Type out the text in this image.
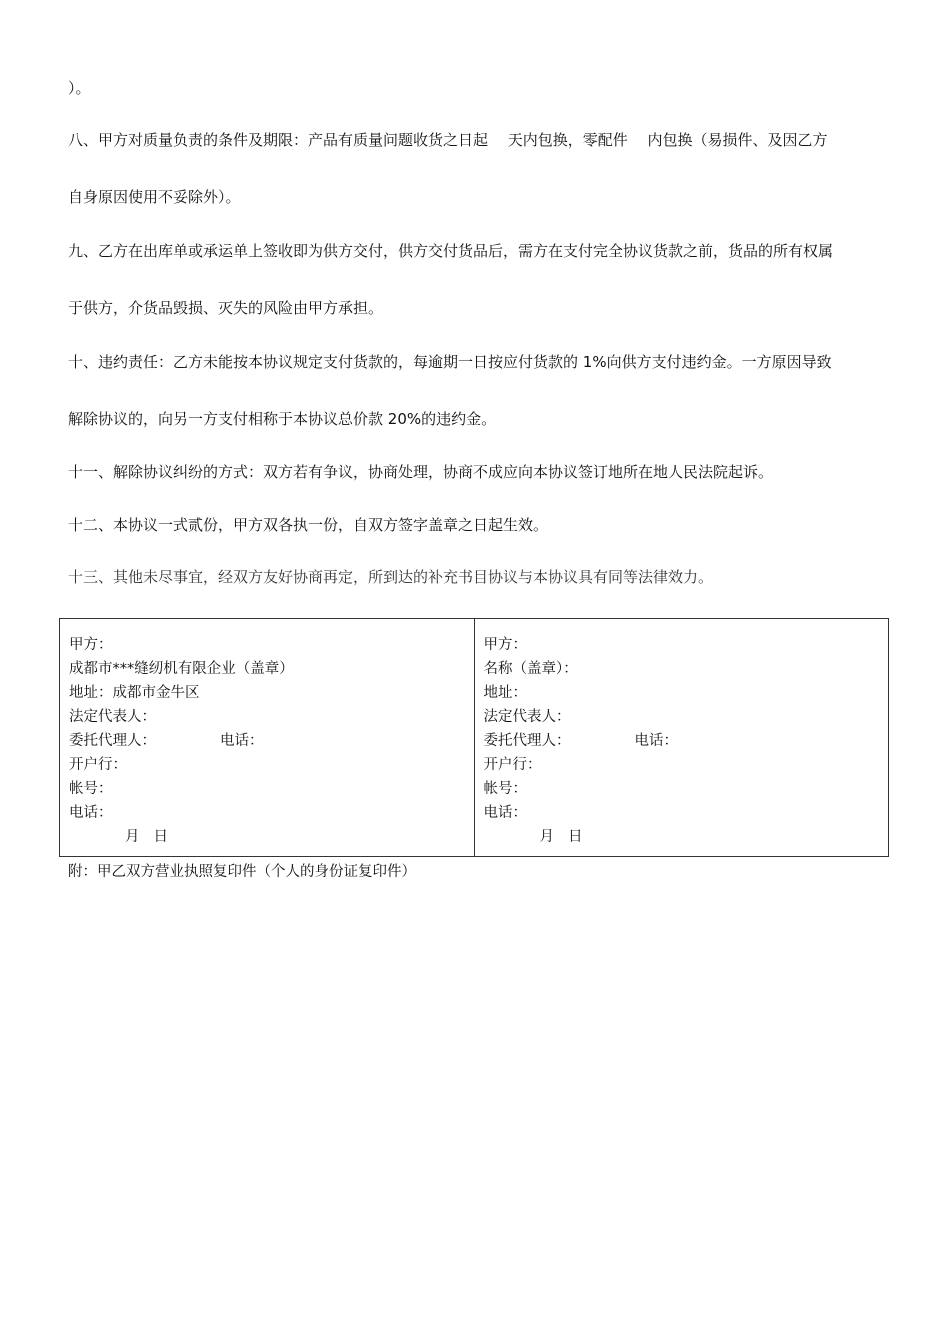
）。
八、甲方对质量负责的条件及期限：产品有质量问题收货之日起　 天内包换，零配件　 内包换（易损件、及因乙方
自身原因使用不妥除外）。
九、乙方在出库单或承运单上签收即为供方交付，供方交付货品后，需方在支付完全协议货款之前，货品的所有权属
于供方，介货品毁损、灭失的风险由甲方承担。
十、违约责任：乙方未能按本协议规定支付货款的，每逾期一日按应付货款的 1%向供方支付违约金。一方原因导致
解除协议的，向另一方支付相称于本协议总价款 20%的违约金。
十一、解除协议纠纷的方式：双方若有争议，协商处理，协商不成应向本协议签订地所在地人民法院起诉。
十二、本协议一式贰份，甲方双各执一份，自双方签字盖章之日起生效。
十三、其他未尽事宜，经双方友好协商再定，所到达的补充书目协议与本协议具有同等法律效力。
甲方：
成都市***缝纫机有限企业（盖章）
地址：成都市金牛区
法定代表人：
委托代理人：	电话：
开户行：
帐号：
电话：
月 日
甲方：
名称（盖章）：
地址：
法定代表人：
委托代理人：	电话：
开户行：
帐号：
电话：
月 日
附：甲乙双方营业执照复印件（个人的身份证复印件）
